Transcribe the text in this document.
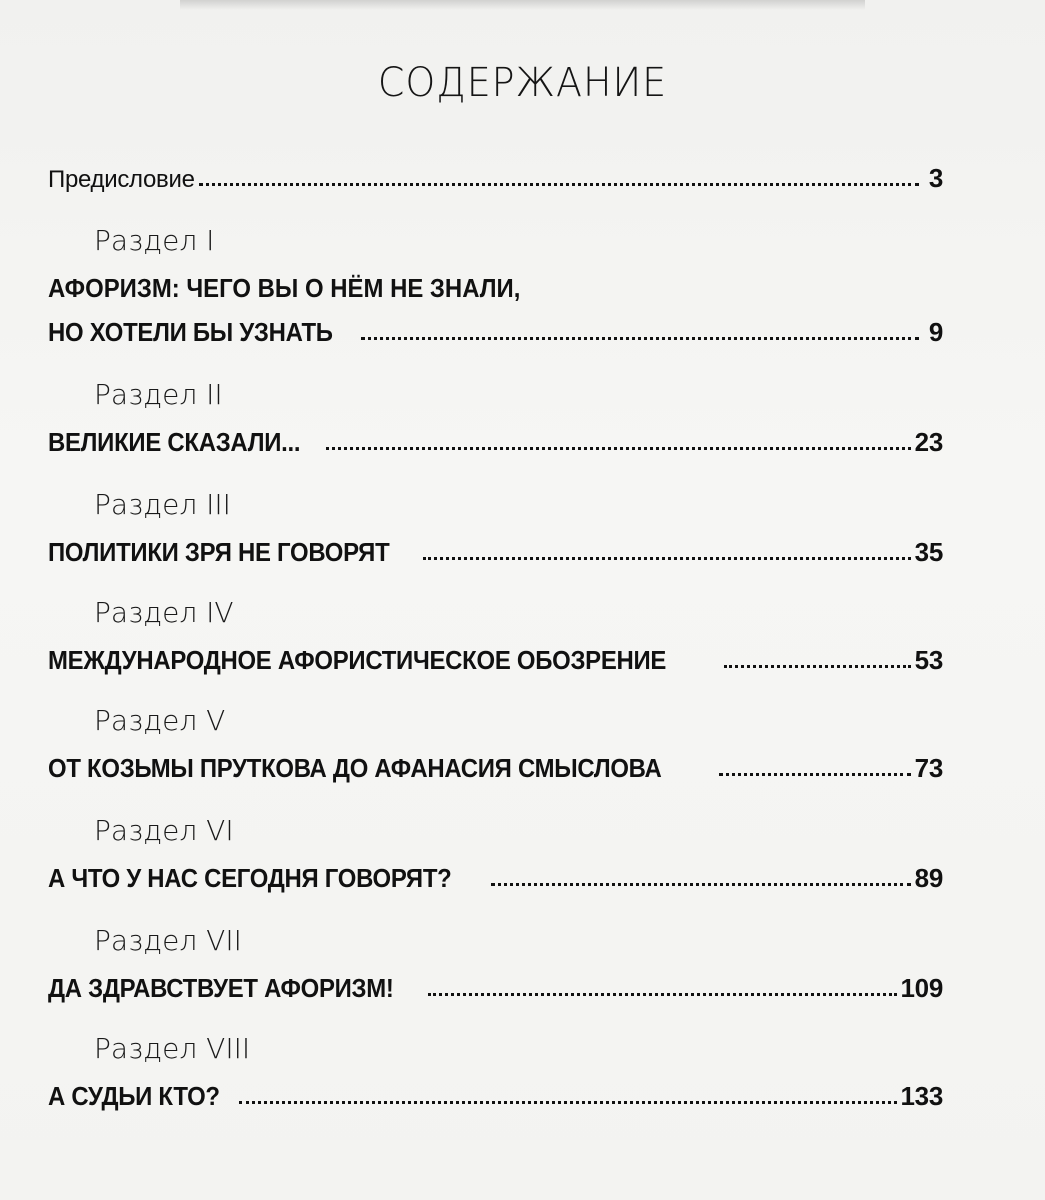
СОДЕРЖАНИЕ
Предисловие	3
Раздел I
АФОРИЗМ: ЧЕГО ВЫ О НЁМ НЕ ЗНАЛИ,
НО ХОТЕЛИ БЫ УЗНАТЬ	9
Раздел II
ВЕЛИКИЕ СКАЗАЛИ...	23
Раздел III
ПОЛИТИКИ ЗРЯ НЕ ГОВОРЯТ	35
Раздел IV
МЕЖДУНАРОДНОЕ АФОРИСТИЧЕСКОЕ ОБОЗРЕНИЕ	53
Раздел V
ОТ КОЗЬМЫ ПРУТКОВА ДО АФАНАСИЯ СМЫСЛОВА	73
Раздел VI
А ЧТО У НАС СЕГОДНЯ ГОВОРЯТ?	89
Раздел VII
ДА ЗДРАВСТВУЕТ АФОРИЗМ!	109
Раздел VIII
А СУДЬИ КТО?	133
